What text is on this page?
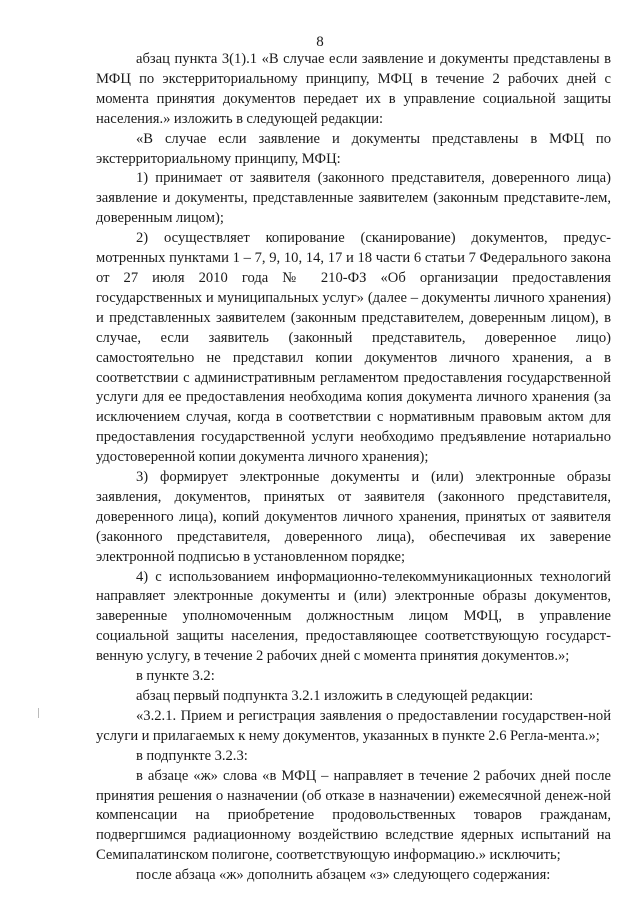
8

абзац пункта 3(1).1 «В случае если заявление и документы представлены в МФЦ по экстерриториальному принципу, МФЦ в течение 2 рабочих дней с момента принятия документов передает их в управление социальной защиты населения.» изложить в следующей редакции:

«В случае если заявление и документы представлены в МФЦ по экстерриториальному принципу, МФЦ:

1) принимает от заявителя (законного представителя, доверенного лица) заявление и документы, представленные заявителем (законным представите-лем, доверенным лицом);

2) осуществляет копирование (сканирование) документов, предус-мотренных пунктами 1 – 7, 9, 10, 14, 17 и 18 части 6 статьи 7 Федерального закона от 27 июля 2010 года № 210-ФЗ «Об организации предоставления государственных и муниципальных услуг» (далее – документы личного хранения) и представленных заявителем (законным представителем, доверенным лицом), в случае, если заявитель (законный представитель, доверенное лицо) самостоятельно не представил копии документов личного хранения, а в соответствии с административным регламентом предоставления государственной услуги для ее предоставления необходима копия документа личного хранения (за исключением случая, когда в соответствии с нормативным правовым актом для предоставления государственной услуги необходимо предъявление нотариально удостоверенной копии документа личного хранения);

3) формирует электронные документы и (или) электронные образы заявления, документов, принятых от заявителя (законного представителя, доверенного лица), копий документов личного хранения, принятых от заявителя (законного представителя, доверенного лица), обеспечивая их заверение электронной подписью в установленном порядке;

4) с использованием информационно-телекоммуникационных технологий направляет электронные документы и (или) электронные образы документов, заверенные уполномоченным должностным лицом МФЦ, в управление социальной защиты населения, предоставляющее соответствующую государст-венную услугу, в течение 2 рабочих дней с момента принятия документов.»;

в пункте 3.2:

абзац первый подпункта 3.2.1 изложить в следующей редакции:

«3.2.1. Прием и регистрация заявления о предоставлении государствен-ной услуги и прилагаемых к нему документов, указанных в пункте 2.6 Регла-мента.»;

в подпункте 3.2.3:

в абзаце «ж» слова «в МФЦ – направляет в течение 2 рабочих дней после принятия решения о назначении (об отказе в назначении) ежемесячной денеж-ной компенсации на приобретение продовольственных товаров гражданам, подвергшимся радиационному воздействию вследствие ядерных испытаний на Семипалатинском полигоне, соответствующую информацию.» исключить;

после абзаца «ж» дополнить абзацем «з» следующего содержания:
